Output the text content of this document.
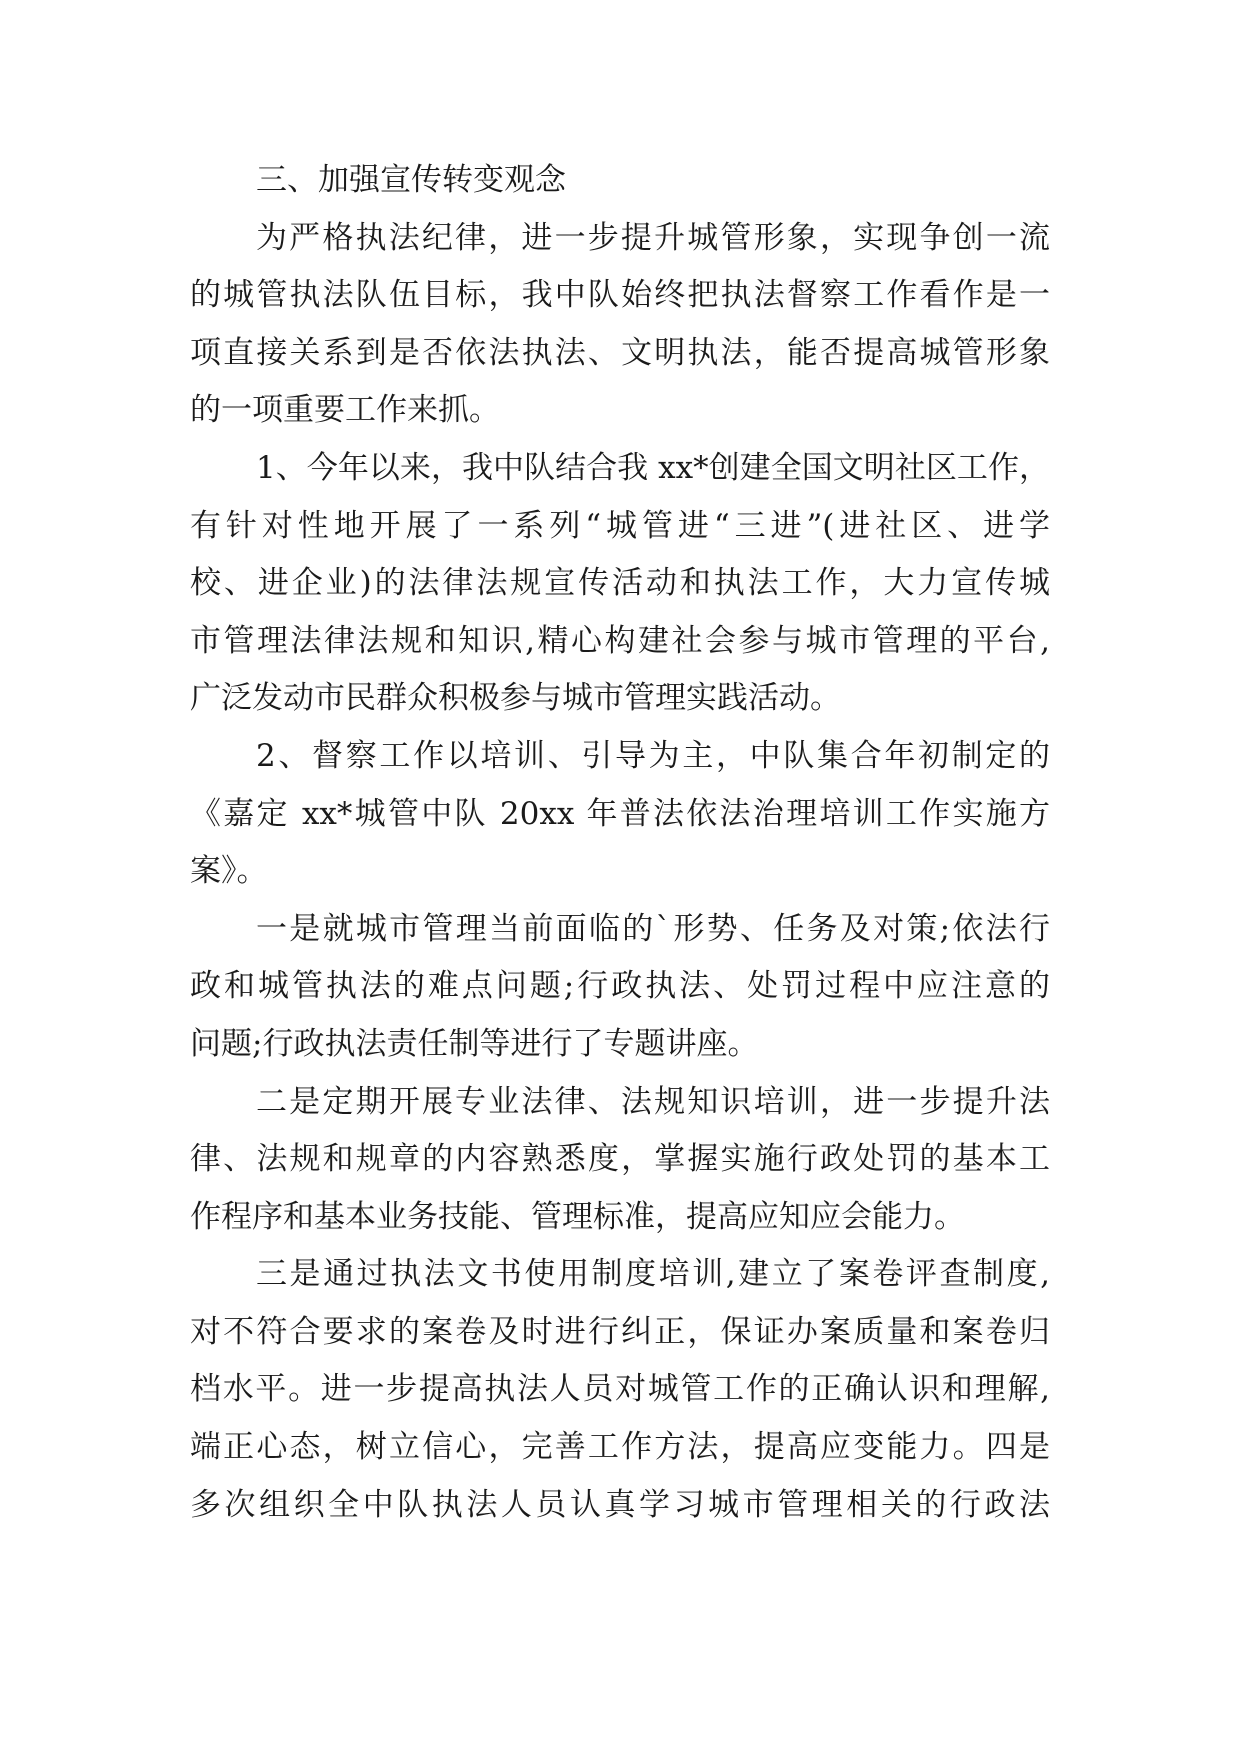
三、加强宣传转变观念
为严格执法纪律，进一步提升城管形象，实现争创一流
的城管执法队伍目标，我中队始终把执法督察工作看作是一
项直接关系到是否依法执法、文明执法，能否提高城管形象
的一项重要工作来抓。
1、今年以来，我中队结合我 xx*创建全国文明社区工作，
有针对性地开展了一系列“城管进“三进”(进社区、进学
校、进企业)的法律法规宣传活动和执法工作，大力宣传城
市管理法律法规和知识,精心构建社会参与城市管理的平台,
广泛发动市民群众积极参与城市管理实践活动。
2、督察工作以培训、引导为主，中队集合年初制定的
《嘉定 xx*城管中队 20xx 年普法依法治理培训工作实施方
案》。
一是就城市管理当前面临的`形势、任务及对策;依法行
政和城管执法的难点问题;行政执法、处罚过程中应注意的
问题;行政执法责任制等进行了专题讲座。
二是定期开展专业法律、法规知识培训，进一步提升法
律、法规和规章的内容熟悉度，掌握实施行政处罚的基本工
作程序和基本业务技能、管理标准，提高应知应会能力。
三是通过执法文书使用制度培训,建立了案卷评查制度,
对不符合要求的案卷及时进行纠正，保证办案质量和案卷归
档水平。进一步提高执法人员对城管工作的正确认识和理解,
端正心态，树立信心，完善工作方法，提高应变能力。四是
多次组织全中队执法人员认真学习城市管理相关的行政法
